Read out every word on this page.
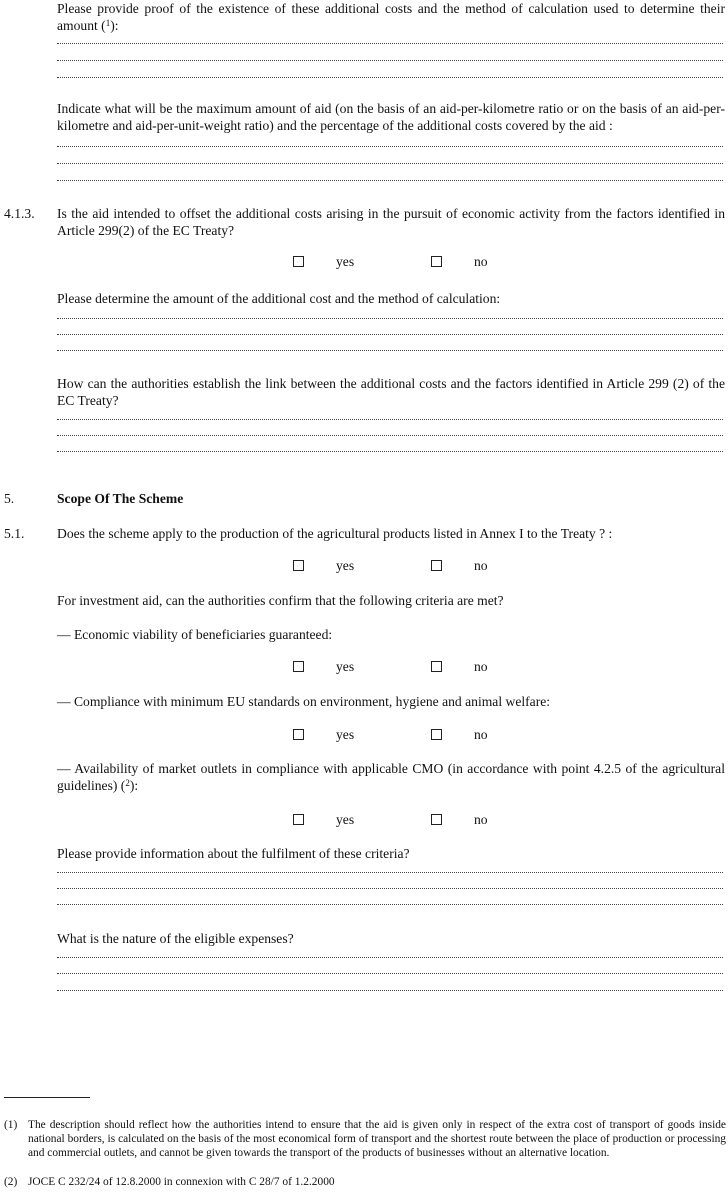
Please provide proof of the existence of these additional costs and the method of calculation used to determine their amount ($^1$):
Indicate what will be the maximum amount of aid (on the basis of an aid-per-kilometre ratio or on the basis of an aid-per-kilometre and aid-per-unit-weight ratio) and the percentage of the additional costs covered by the aid :
4.1.3. Is the aid intended to offset the additional costs arising in the pursuit of economic activity from the factors identified in Article 299(2) of the EC Treaty?
yes	no
Please determine the amount of the additional cost and the method of calculation:
How can the authorities establish the link between the additional costs and the factors identified in Article 299 (2) of the EC Treaty?
5.	Scope Of The Scheme
5.1. Does the scheme apply to the production of the agricultural products listed in Annex I to the Treaty ? :
yes	no
For investment aid, can the authorities confirm that the following criteria are met?
— Economic viability of beneficiaries guaranteed:
yes	no
— Compliance with minimum EU standards on environment, hygiene and animal welfare:
yes	no
— Availability of market outlets in compliance with applicable CMO (in accordance with point 4.2.5 of the agricultural guidelines) ($^2$):
yes	no
Please provide information about the fulfilment of these criteria?
What is the nature of the eligible expenses?
(1) The description should reflect how the authorities intend to ensure that the aid is given only in respect of the extra cost of transport of goods inside national borders, is calculated on the basis of the most economical form of transport and the shortest route between the place of production or processing and commercial outlets, and cannot be given towards the transport of the products of businesses without an alternative location.
(2) JOCE C 232/24 of 12.8.2000 in connexion with C 28/7 of 1.2.2000
